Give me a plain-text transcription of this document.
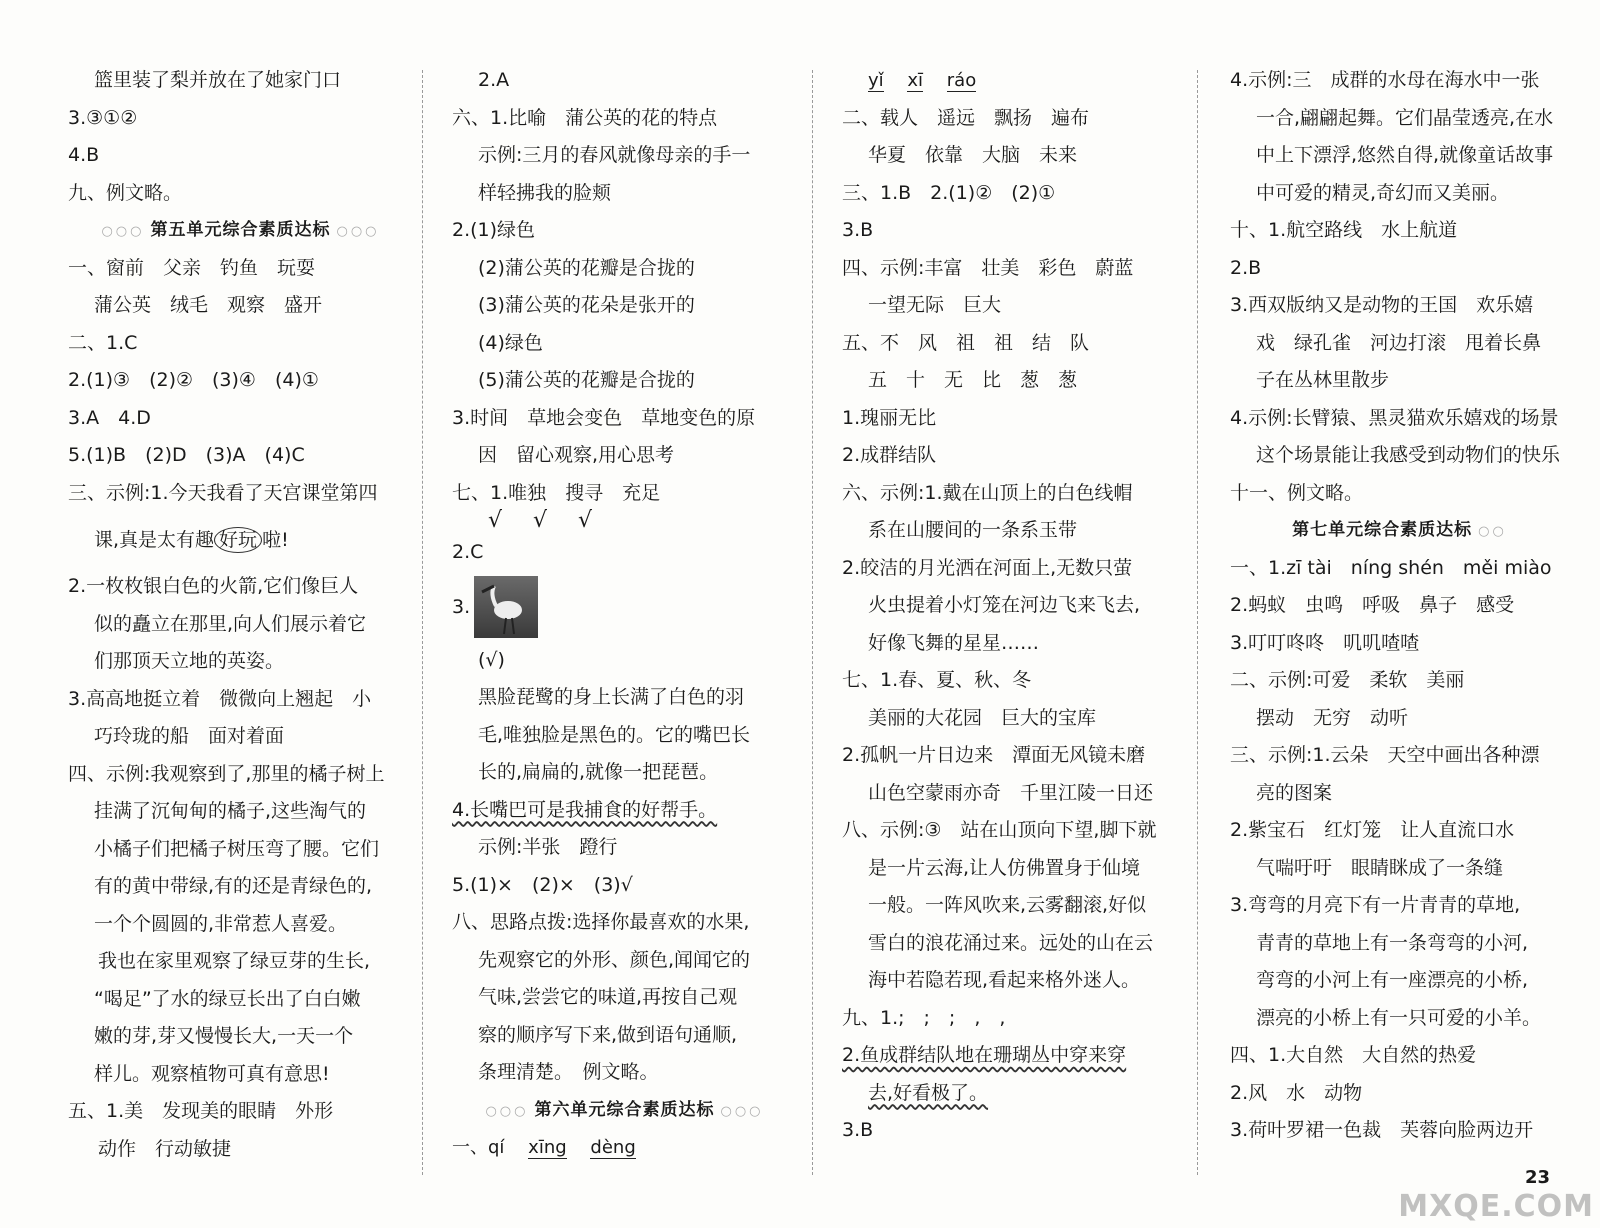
篮里装了梨并放在了她家门口
3.③①②
4.B
九、例文略。
○○○ 第五单元综合素质达标 ○○○
一、窗前　父亲　钓鱼　玩耍
蒲公英　绒毛　观察　盛开
二、1.C
2.(1)③　(2)②　(3)④　(4)①
3.A　4.D
5.(1)B　(2)D　(3)A　(4)C
三、示例:1.今天我看了天宫课堂第四
课,真是太有趣 好玩 啦!
2.一枚枚银白色的火箭,它们像巨人
似的矗立在那里,向人们展示着它
们那顶天立地的英姿。
3.高高地挺立着　微微向上翘起　小
巧玲珑的船　面对着面
四、示例:我观察到了,那里的橘子树上
挂满了沉甸甸的橘子,这些淘气的
小橘子们把橘子树压弯了腰。它们
有的黄中带绿,有的还是青绿色的,
一个个圆圆的,非常惹人喜爱。
我也在家里观察了绿豆芽的生长,
“喝足”了水的绿豆长出了白白嫩
嫩的芽,芽又慢慢长大,一天一个
样儿。观察植物可真有意思!
五、1.美　发现美的眼睛　外形
动作　行动敏捷
2.A
六、1.比喻　蒲公英的花的特点
示例:三月的春风就像母亲的手一
样轻拂我的脸颊
2.(1)绿色
(2)蒲公英的花瓣是合拢的
(3)蒲公英的花朵是张开的
(4)绿色
(5)蒲公英的花瓣是合拢的
3.时间　草地会变色　草地变色的原
因　留心观察,用心思考
七、1.唯独　搜寻　充足
√ √ √
2.C
3.
(√)
黑脸琵鹭的身上长满了白色的羽
毛,唯独脸是黑色的。它的嘴巴长
长的,扁扁的,就像一把琵琶。
4.长嘴巴可是我捕食的好帮手。
示例:半张　蹬行
5.(1)×　(2)×　(3)√
八、思路点拨:选择你最喜欢的水果,
先观察它的外形、颜色,闻闻它的
气味,尝尝它的味道,再按自己观
察的顺序写下来,做到语句通顺,
条理清楚。　例文略。
○○○ 第六单元综合素质达标 ○○○
一、qí xīng dèng
yǐ xī ráo
二、载人　遥远　飘扬　遍布
华夏　依靠　大脑　未来
三、1.B　2.(1)②　(2)①
3.B
四、示例:丰富　壮美　彩色　蔚蓝
一望无际　巨大
五、不　风　祖　祖　结　队
五　十　无　比　葱　葱
1.瑰丽无比
2.成群结队
六、示例:1.戴在山顶上的白色线帽
系在山腰间的一条系玉带
2.皎洁的月光洒在河面上,无数只萤
火虫提着小灯笼在河边飞来飞去,
好像飞舞的星星……
七、1.春、夏、秋、冬
美丽的大花园　巨大的宝库
2.孤帆一片日边来　潭面无风镜未磨
山色空蒙雨亦奇　千里江陵一日还
八、示例:③　站在山顶向下望,脚下就
是一片云海,让人仿佛置身于仙境
一般。一阵风吹来,云雾翻滚,好似
雪白的浪花涌过来。远处的山在云
海中若隐若现,看起来格外迷人。
九、1.;　;　;　,　,
2.鱼成群结队地在珊瑚丛中穿来穿
去,好看极了。
3.B
4.示例:三　成群的水母在海水中一张
一合,翩翩起舞。它们晶莹透亮,在水
中上下漂浮,悠然自得,就像童话故事
中可爱的精灵,奇幻而又美丽。
十、1.航空路线　水上航道
2.B
3.西双版纳又是动物的王国　欢乐嬉
戏　绿孔雀　河边打滚　甩着长鼻
子在丛林里散步
4.示例:长臂猿、黑灵猫欢乐嬉戏的场景
这个场景能让我感受到动物们的快乐
十一、例文略。
第七单元综合素质达标 ○○
一、1.zī tài　níng shén　měi miào
2.蚂蚁　虫鸣　呼吸　鼻子　感受
3.叮叮咚咚　叽叽喳喳
二、示例:可爱　柔软　美丽
摆动　无穷　动听
三、示例:1.云朵　天空中画出各种漂
亮的图案
2.紫宝石　红灯笼　让人直流口水
气喘吁吁　眼睛眯成了一条缝
3.弯弯的月亮下有一片青青的草地,
青青的草地上有一条弯弯的小河,
弯弯的小河上有一座漂亮的小桥,
漂亮的小桥上有一只可爱的小羊。
四、1.大自然　大自然的热爱
2.风　水　动物
3.荷叶罗裙一色裁　芙蓉向脸两边开
23
MXQE.COM
